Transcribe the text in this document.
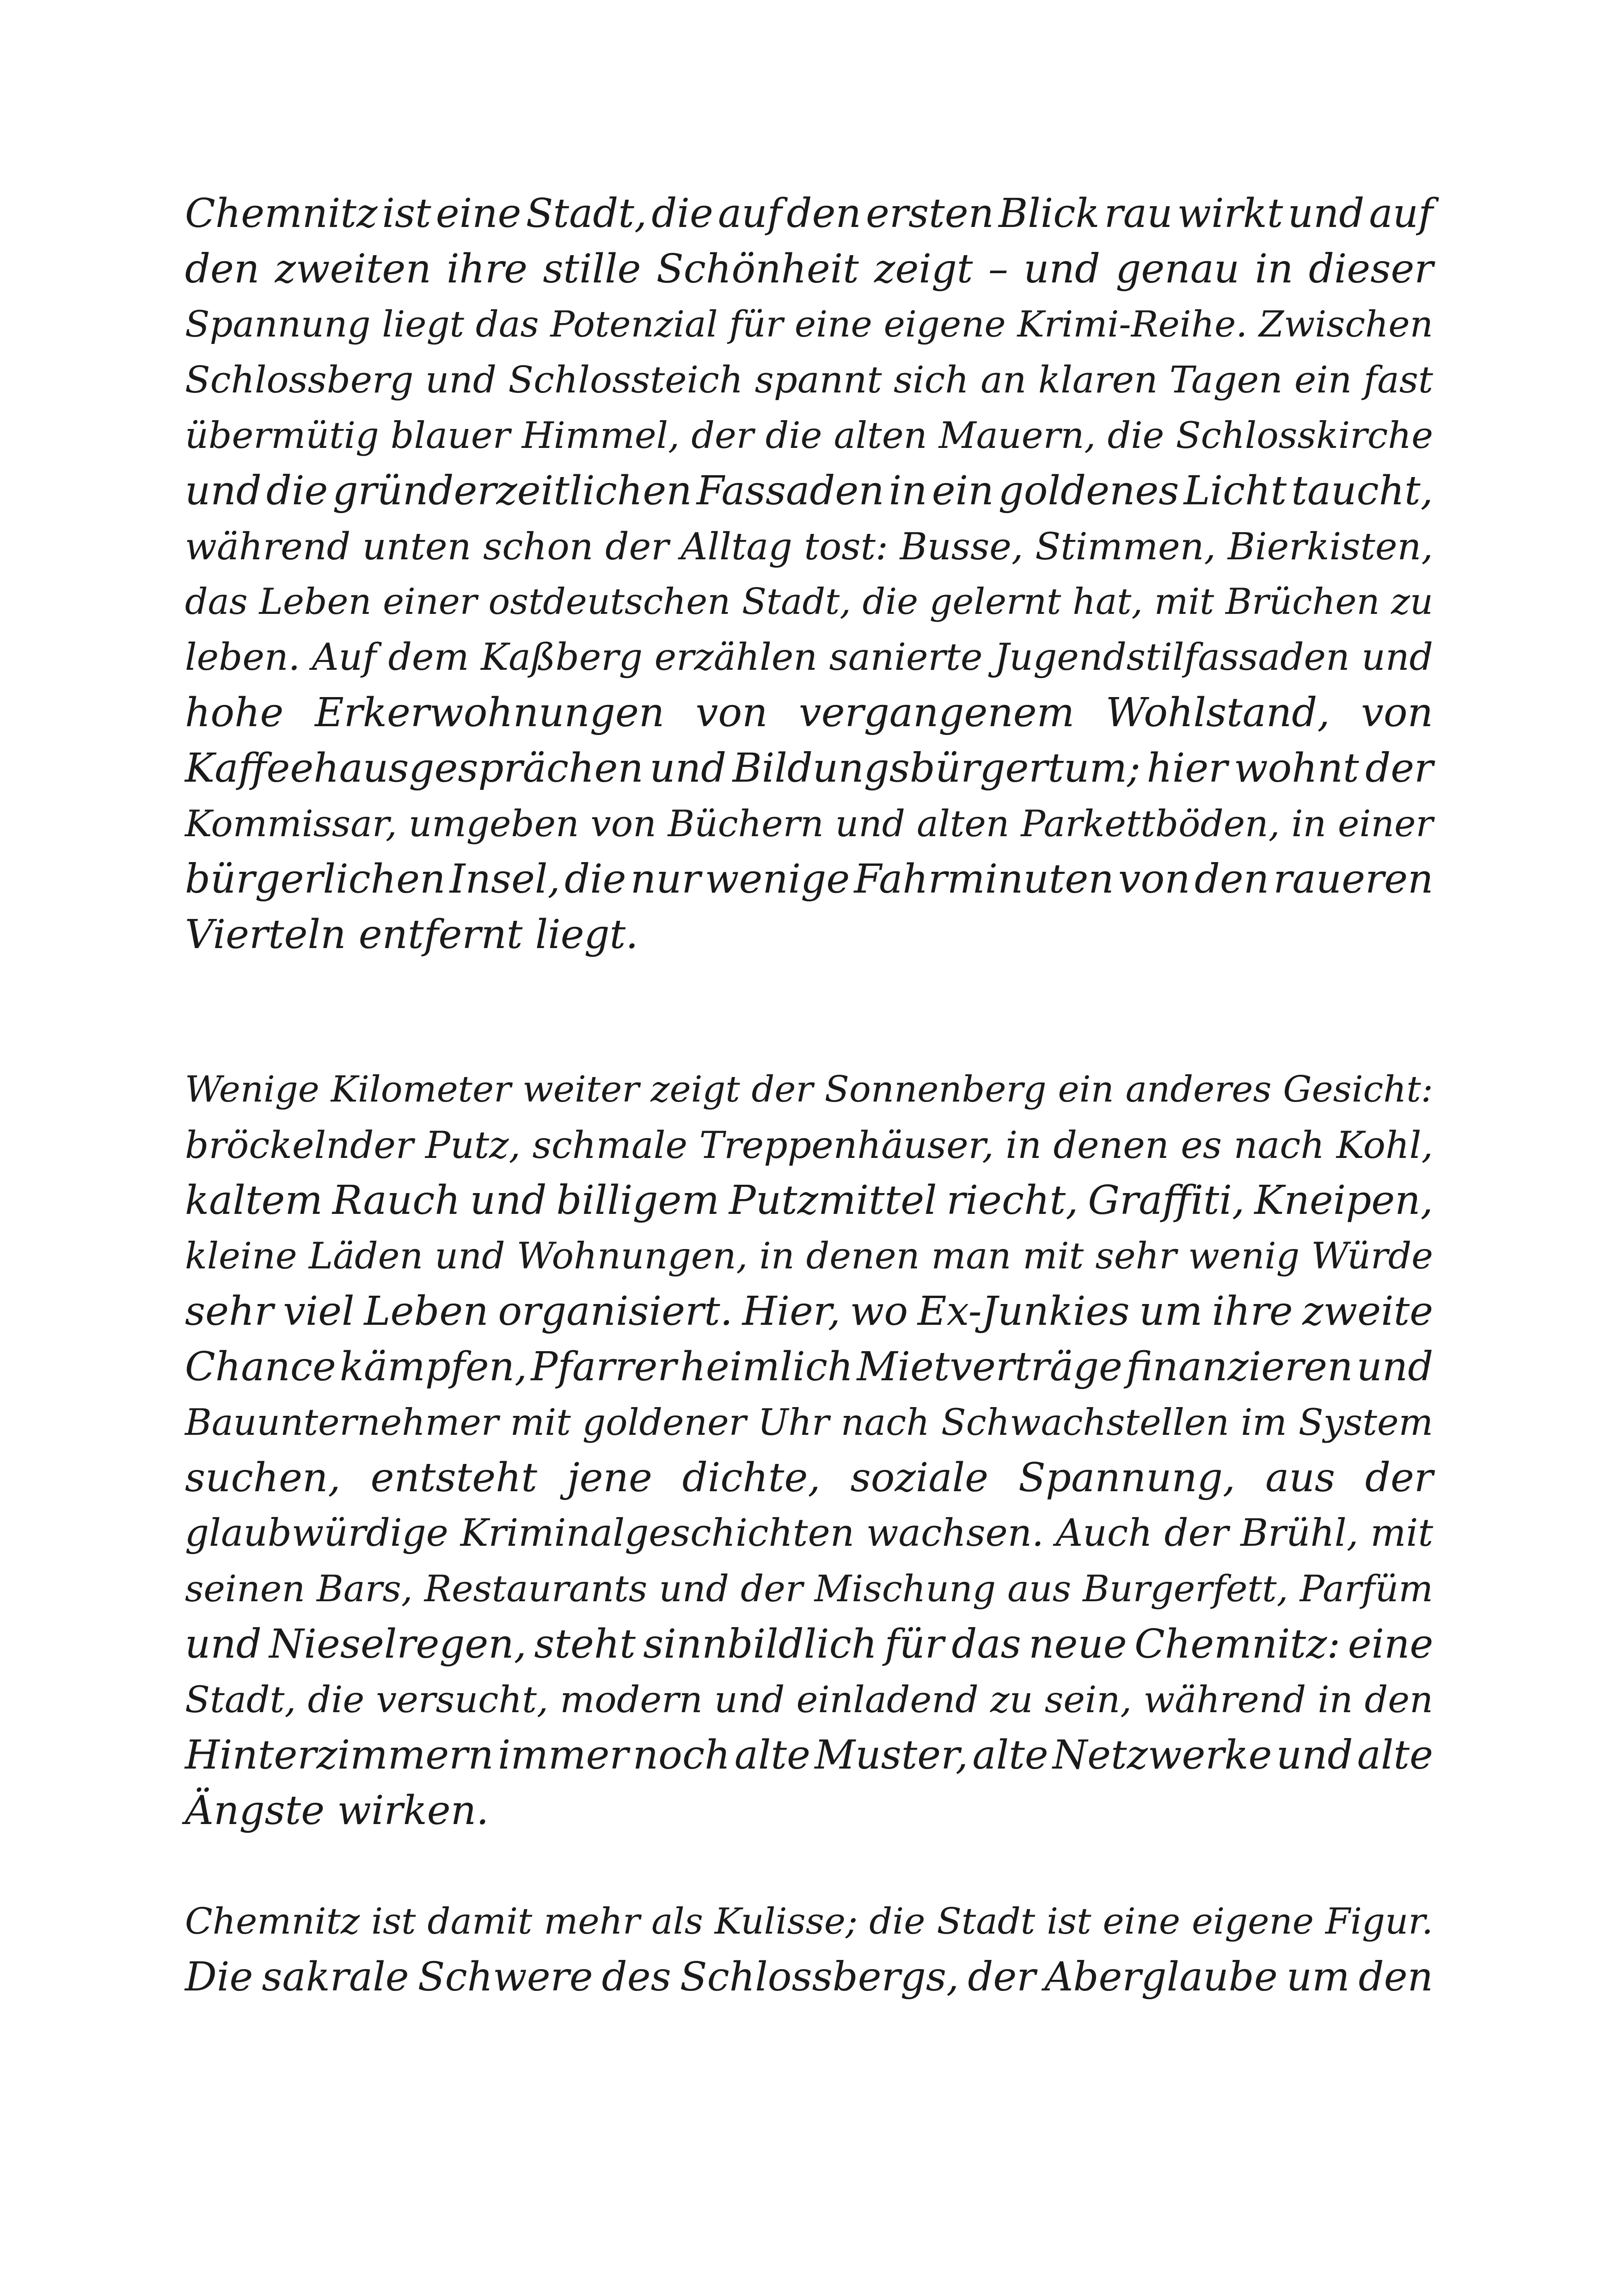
Chemnitz ist eine Stadt, die auf den ersten Blick rau wirkt und auf
den zweiten ihre stille Schönheit zeigt – und genau in dieser
Spannung liegt das Potenzial für eine eigene Krimi-Reihe. Zwischen
Schlossberg und Schlossteich spannt sich an klaren Tagen ein fast
übermütig blauer Himmel, der die alten Mauern, die Schlosskirche
und die gründerzeitlichen Fassaden in ein goldenes Licht taucht,
während unten schon der Alltag tost: Busse, Stimmen, Bierkisten,
das Leben einer ostdeutschen Stadt, die gelernt hat, mit Brüchen zu
leben. Auf dem Kaßberg erzählen sanierte Jugendstilfassaden und
hohe Erkerwohnungen von vergangenem Wohlstand, von
Kaffeehausgesprächen und Bildungsbürgertum; hier wohnt der
Kommissar, umgeben von Büchern und alten Parkettböden, in einer
bürgerlichen Insel, die nur wenige Fahrminuten von den raueren
Vierteln entfernt liegt.
Wenige Kilometer weiter zeigt der Sonnenberg ein anderes Gesicht:
bröckelnder Putz, schmale Treppenhäuser, in denen es nach Kohl,
kaltem Rauch und billigem Putzmittel riecht, Graffiti, Kneipen,
kleine Läden und Wohnungen, in denen man mit sehr wenig Würde
sehr viel Leben organisiert. Hier, wo Ex-Junkies um ihre zweite
Chance kämpfen, Pfarrer heimlich Mietverträge finanzieren und
Bauunternehmer mit goldener Uhr nach Schwachstellen im System
suchen, entsteht jene dichte, soziale Spannung, aus der
glaubwürdige Kriminalgeschichten wachsen. Auch der Brühl, mit
seinen Bars, Restaurants und der Mischung aus Burgerfett, Parfüm
und Nieselregen, steht sinnbildlich für das neue Chemnitz: eine
Stadt, die versucht, modern und einladend zu sein, während in den
Hinterzimmern immer noch alte Muster, alte Netzwerke und alte
Ängste wirken.
Chemnitz ist damit mehr als Kulisse; die Stadt ist eine eigene Figur.
Die sakrale Schwere des Schlossbergs, der Aberglaube um den
